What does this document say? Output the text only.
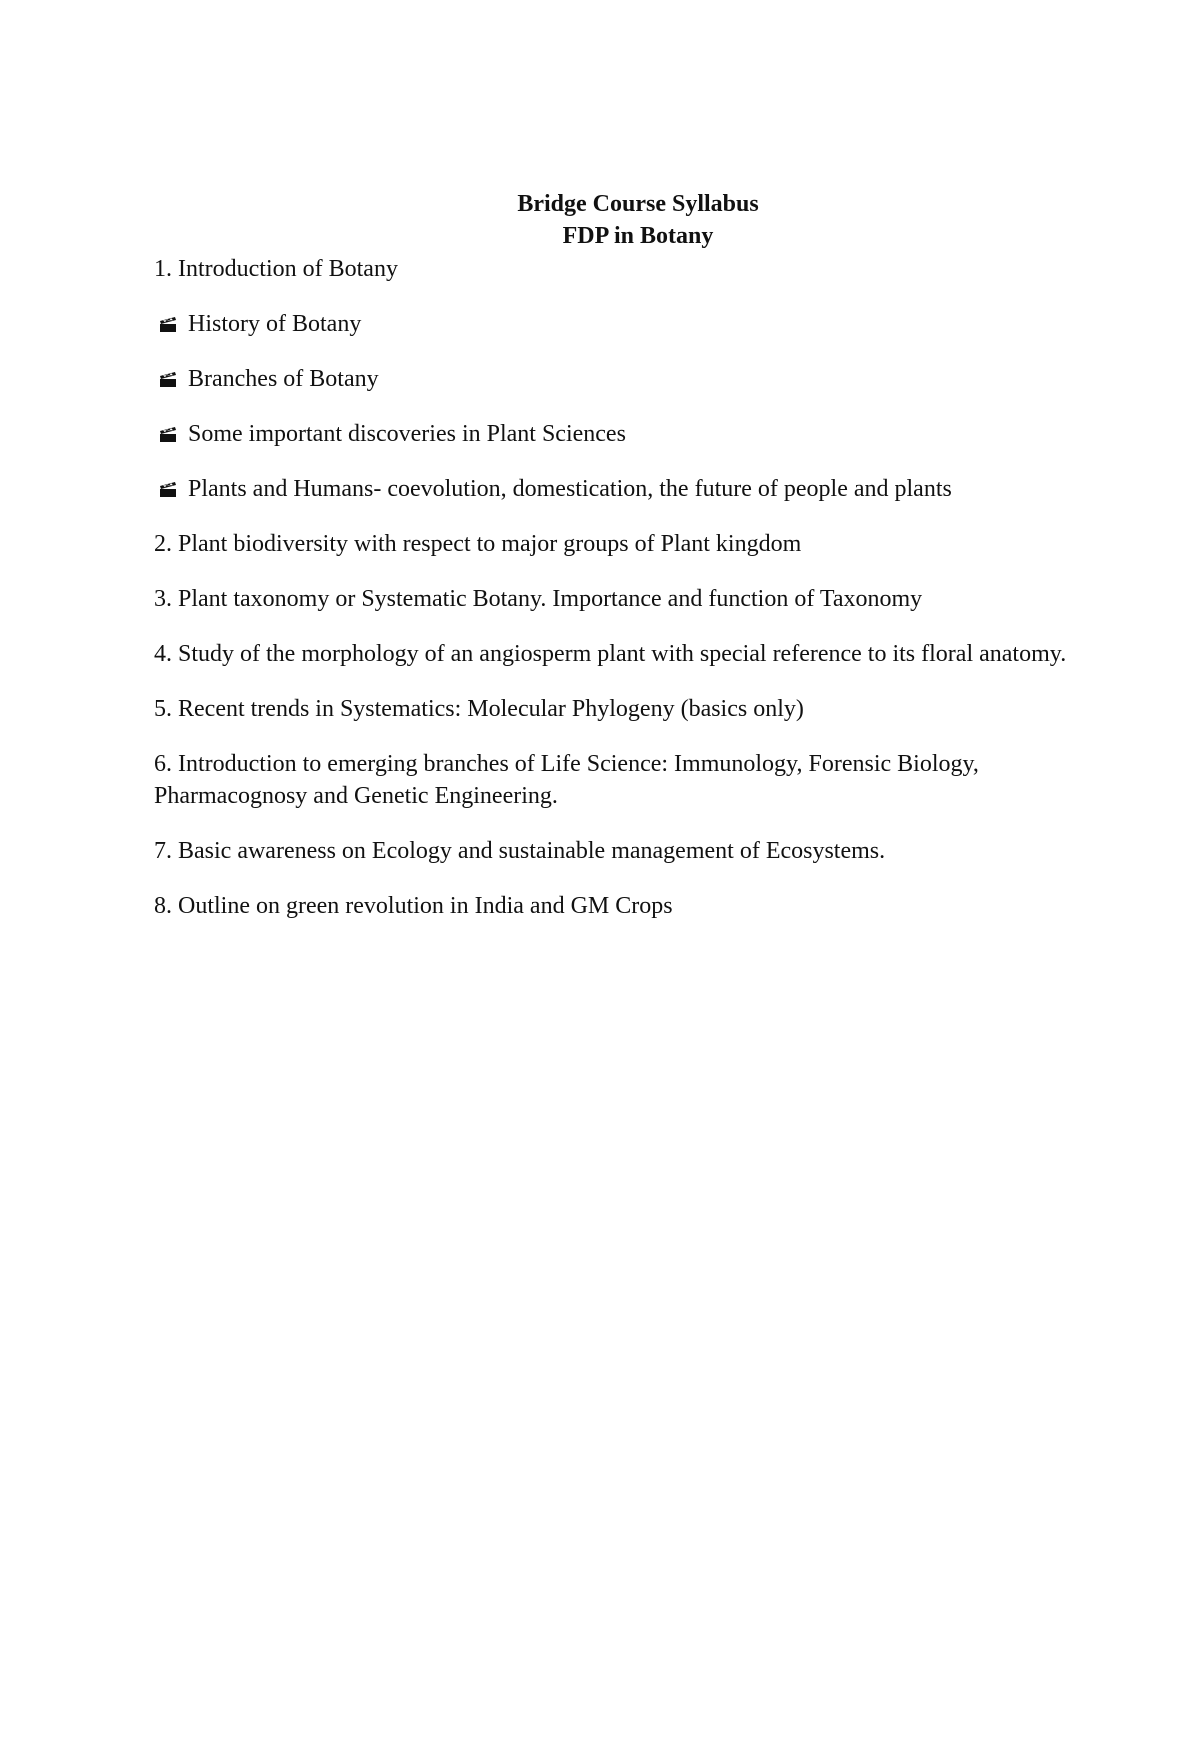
Bridge Course Syllabus
FDP in Botany
1. Introduction of Botany
History of Botany
Branches of Botany
Some important discoveries in Plant Sciences
Plants and Humans- coevolution, domestication, the future of people and plants
2. Plant biodiversity with respect to major groups of Plant kingdom
3. Plant taxonomy or Systematic Botany. Importance and function of Taxonomy
4. Study of the morphology of an angiosperm plant with special reference to its floral anatomy.
5. Recent trends in Systematics: Molecular Phylogeny (basics only)
6. Introduction to emerging branches of Life Science: Immunology, Forensic Biology, Pharmacognosy and Genetic Engineering.
7. Basic awareness on Ecology and sustainable management of Ecosystems.
8. Outline on green revolution in India and GM Crops
